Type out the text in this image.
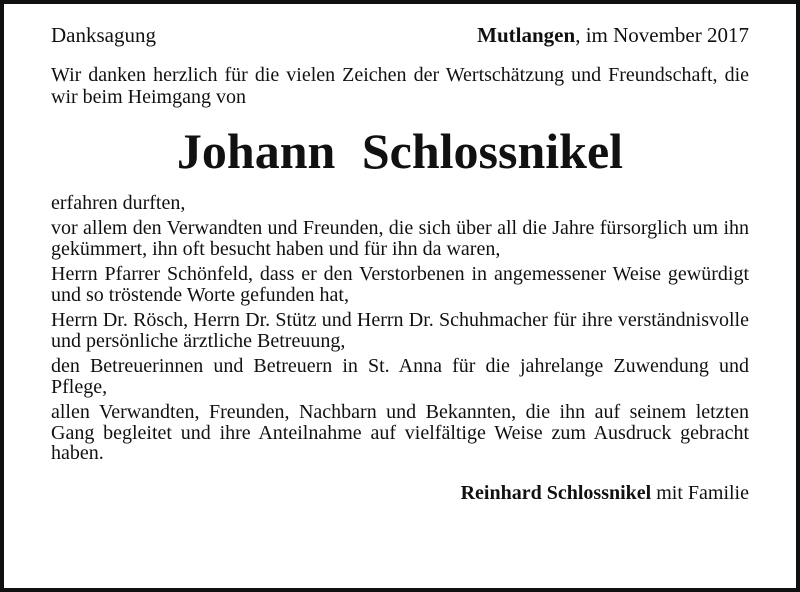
Danksagung	Mutlangen, im November 2017
Wir danken herzlich für die vielen Zeichen der Wertschätzung und Freundschaft, die wir beim Heimgang von
Johann Schlossnikel
erfahren durften,
vor allem den Verwandten und Freunden, die sich über all die Jahre fürsorglich um ihn gekümmert, ihn oft besucht haben und für ihn da waren,
Herrn Pfarrer Schönfeld, dass er den Verstorbenen in angemessener Weise gewürdigt und so tröstende Worte gefunden hat,
Herrn Dr. Rösch, Herrn Dr. Stütz und Herrn Dr. Schuhmacher für ihre verständnisvolle und persönliche ärztliche Betreuung,
den Betreuerinnen und Betreuern in St. Anna für die jahrelange Zuwendung und Pflege,
allen Verwandten, Freunden, Nachbarn und Bekannten, die ihn auf seinem letzten Gang begleitet und ihre Anteilnahme auf vielfältige Weise zum Ausdruck gebracht haben.
Reinhard Schlossnikel mit Familie
